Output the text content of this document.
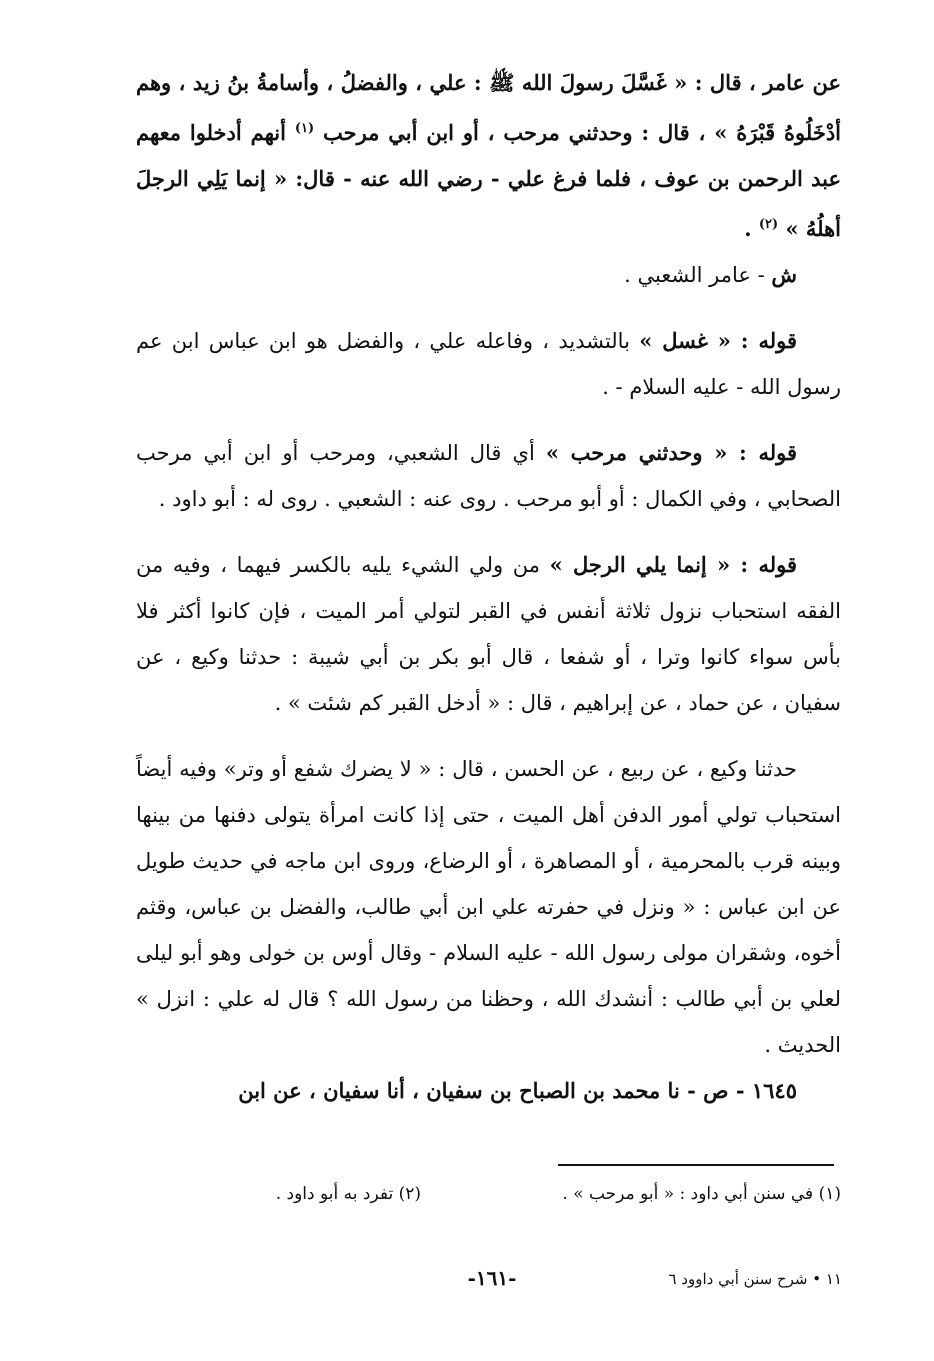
عن عامر ، قال : « غَسَّلَ رسولَ الله ﷺ : علي ، والفضلُ ، وأسامةُ بنُ زيد ، وهم أدْخَلُوهُ قَبْرَهُ » ، قال : وحدثني مرحب ، أو ابن أبي مرحب $^{(١)}$ أنهم أدخلوا معهم عبد الرحمن بن عوف ، فلما فرغ علي - رضي الله عنه - قال: « إنما يَلِي الرجلَ أهلُهُ » $^{(٢)}$ .

ش - عامر الشعبي .

قوله : « غسل » بالتشديد ، وفاعله علي ، والفضل هو ابن عباس ابن عم رسول الله - عليه السلام - .

قوله : « وحدثني مرحب » أي قال الشعبي، ومرحب أو ابن أبي مرحب الصحابي ، وفي الكمال : أو أبو مرحب . روى عنه : الشعبي . روى له : أبو داود .

قوله : « إنما يلي الرجل » من ولي الشيء يليه بالكسر فيهما ، وفيه من الفقه استحباب نزول ثلاثة أنفس في القبر لتولي أمر الميت ، فإن كانوا أكثر فلا بأس سواء كانوا وترا ، أو شفعا ، قال أبو بكر بن أبي شيبة : حدثنا وكيع ، عن سفيان ، عن حماد ، عن إبراهيم ، قال : « أدخل القبر كم شئت » .

حدثنا وكيع ، عن ربيع ، عن الحسن ، قال : « لا يضرك شفع أو وتر» وفيه أيضاً استحباب تولي أمور الدفن أهل الميت ، حتى إذا كانت امرأة يتولى دفنها من بينها وبينه قرب بالمحرمية ، أو المصاهرة ، أو الرضاع، وروى ابن ماجه في حديث طويل عن ابن عباس : « ونزل في حفرته علي ابن أبي طالب، والفضل بن عباس، وقثم أخوه، وشقران مولى رسول الله - عليه السلام - وقال أوس بن خولى وهو أبو ليلى لعلي بن أبي طالب : أنشدك الله ، وحظنا من رسول الله ؟ قال له علي : انزل » الحديث .

١٦٤٥ - ص - نا محمد بن الصباح بن سفيان ، أنا سفيان ، عن ابن

(١) في سنن أبي داود : « أبو مرحب » .
(٢) تفرد به أبو داود .
١١ • شرح سنن أبي داوود ٦
-١٦١-
